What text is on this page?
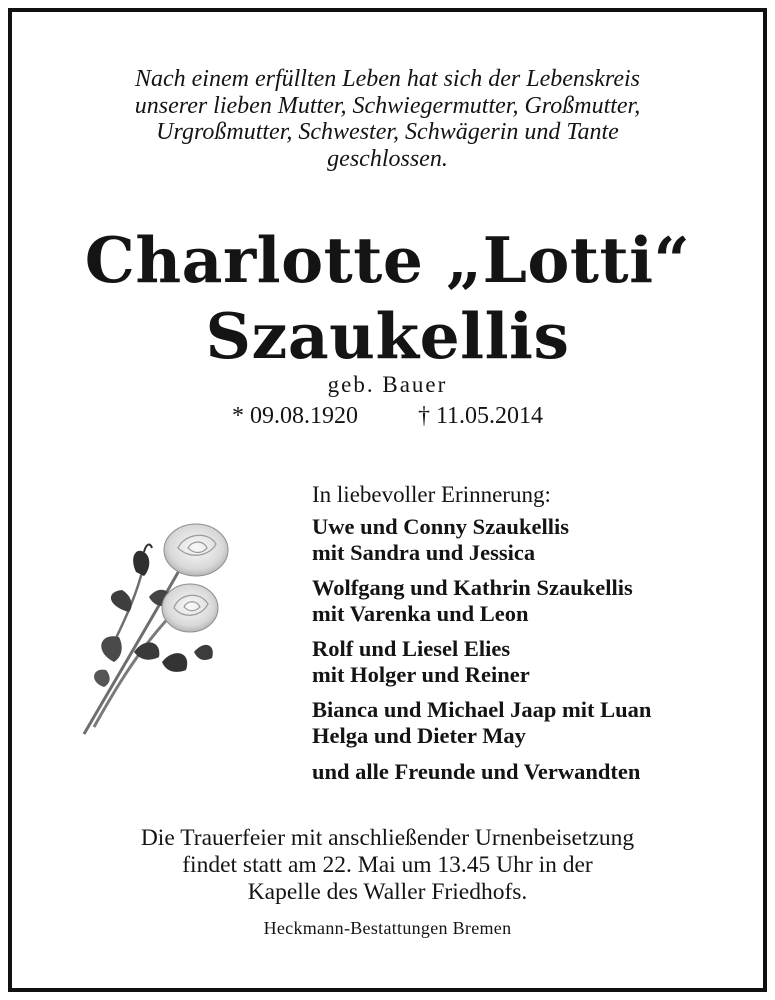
Nach einem erfüllten Leben hat sich der Lebenskreis
unserer lieben Mutter, Schwiegermutter, Großmutter,
Urgroßmutter, Schwester, Schwägerin und Tante
geschlossen.
Charlotte „Lotti“
Szaukellis
geb. Bauer
* 09.08.1920	† 11.05.2014
In liebevoller Erinnerung:
Uwe und Conny Szaukellis
mit Sandra und Jessica
Wolfgang und Kathrin Szaukellis
mit Varenka und Leon
Rolf und Liesel Elies
mit Holger und Reiner
Bianca und Michael Jaap mit Luan
Helga und Dieter May
und alle Freunde und Verwandten
Die Trauerfeier mit anschließender Urnenbeisetzung
findet statt am 22. Mai um 13.45 Uhr in der
Kapelle des Waller Friedhofs.
Heckmann-Bestattungen Bremen
